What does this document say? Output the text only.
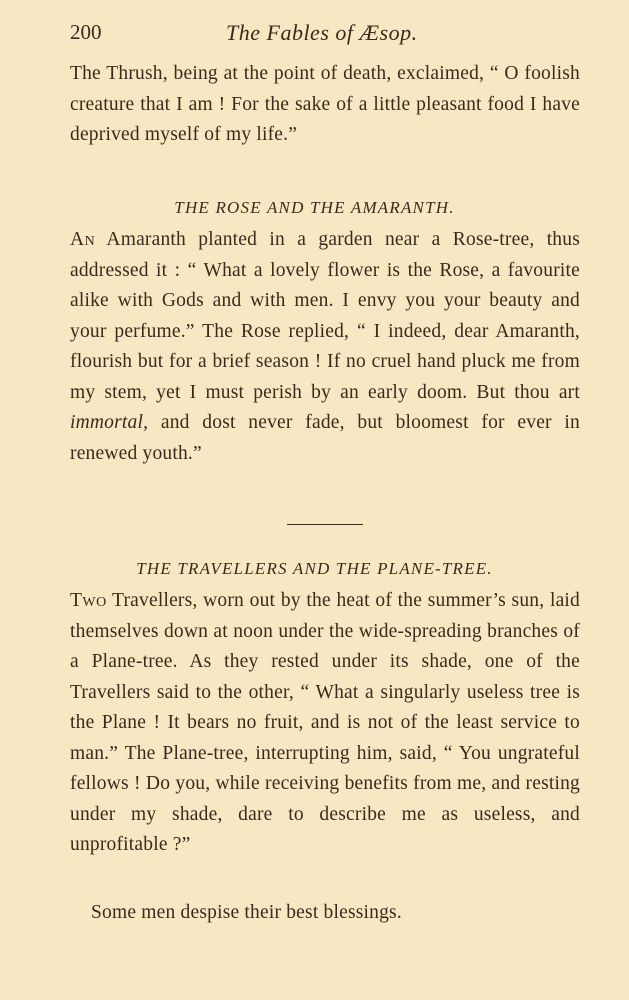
200	The Fables of Æsop.

The Thrush, being at the point of death, exclaimed, “ O foolish creature that I am ! For the sake of a little pleasant food I have deprived myself of my life.”

THE ROSE AND THE AMARANTH.

An Amaranth planted in a garden near a Rose-tree, thus addressed it : “ What a lovely flower is the Rose, a favourite alike with Gods and with men. I envy you your beauty and your perfume.” The Rose replied, “ I indeed, dear Amaranth, flourish but for a brief season ! If no cruel hand pluck me from my stem, yet I must perish by an early doom. But thou art immortal, and dost never fade, but bloomest for ever in renewed youth.”

THE TRAVELLERS AND THE PLANE-TREE.

Two Travellers, worn out by the heat of the summer’s sun, laid themselves down at noon under the wide-spreading branches of a Plane-tree. As they rested under its shade, one of the Travellers said to the other, “ What a singularly useless tree is the Plane ! It bears no fruit, and is not of the least service to man.” The Plane-tree, interrupting him, said, “ You ungrateful fellows ! Do you, while receiving benefits from me, and resting under my shade, dare to describe me as useless, and unprofitable ?”

Some men despise their best blessings.
